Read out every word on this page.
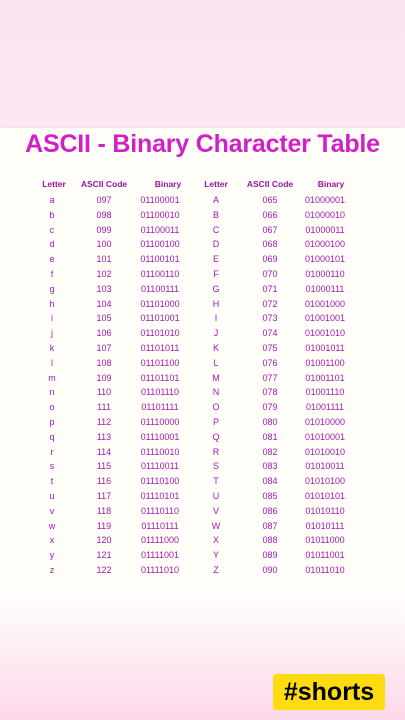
ASCII - Binary Character Table
Letter	ASCII Code	Binary	Letter	ASCII Code	Binary
a	097	01100001	A	065	01000001
b	098	01100010	B	066	01000010
c	099	01100011	C	067	01000011
d	100	01100100	D	068	01000100
e	101	01100101	E	069	01000101
f	102	01100110	F	070	01000110
g	103	01100111	G	071	01000111
h	104	01101000	H	072	01001000
i	105	01101001	I	073	01001001
j	106	01101010	J	074	01001010
k	107	01101011	K	075	01001011
l	108	01101100	L	076	01001100
m	109	01101101	M	077	01001101
n	110	01101110	N	078	01001110
o	111	01101111	O	079	01001111
p	112	01110000	P	080	01010000
q	113	01110001	Q	081	01010001
r	114	01110010	R	082	01010010
s	115	01110011	S	083	01010011
t	116	01110100	T	084	01010100
u	117	01110101	U	085	01010101
v	118	01110110	V	086	01010110
w	119	01110111	W	087	01010111
x	120	01111000	X	088	01011000
y	121	01111001	Y	089	01011001
z	122	01111010	Z	090	01011010
#shorts
